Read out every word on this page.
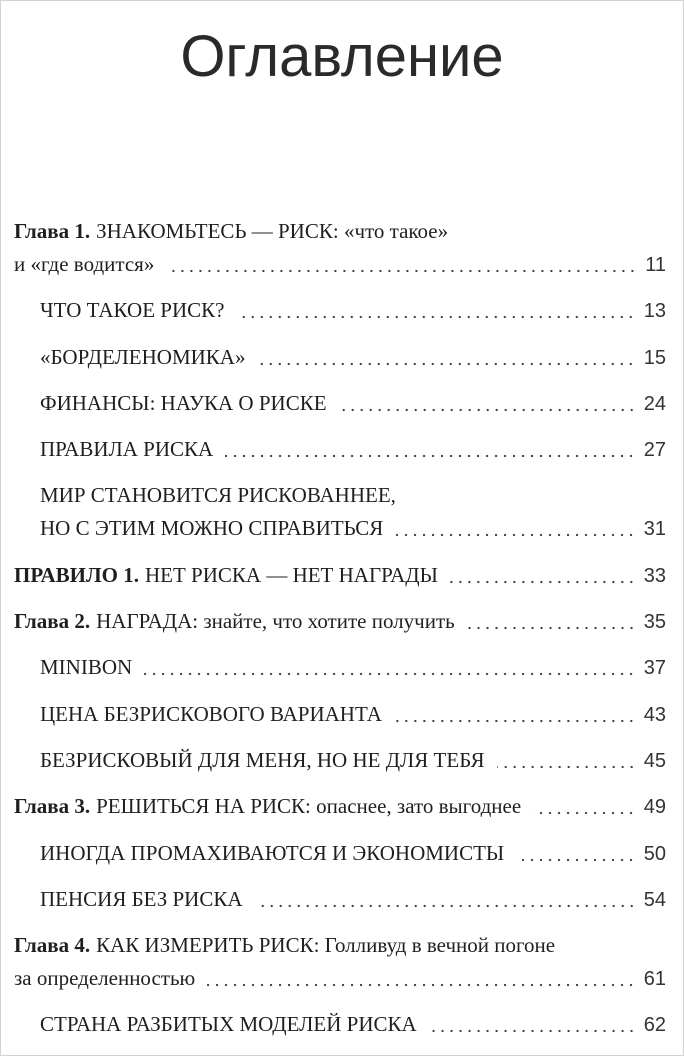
Оглавление
Глава 1. ЗНАКОМЬТЕСЬ — РИСК: «что такое»
и «где водится»	11
ЧТО ТАКОЕ РИСК?	13
«БОРДЕЛЕНОМИКА»	15
ФИНАНСЫ: НАУКА О РИСКЕ	24
ПРАВИЛА РИСКА	27
МИР СТАНОВИТСЯ РИСКОВАННЕЕ,
НО С ЭТИМ МОЖНО СПРАВИТЬСЯ	31
ПРАВИЛО 1. НЕТ РИСКА — НЕТ НАГРАДЫ	33
Глава 2. НАГРАДА: знайте, что хотите получить	35
MINIBON	37
ЦЕНА БЕЗРИСКОВОГО ВАРИАНТА	43
БЕЗРИСКОВЫЙ ДЛЯ МЕНЯ, НО НЕ ДЛЯ ТЕБЯ	45
Глава 3. РЕШИТЬСЯ НА РИСК: опаснее, зато выгоднее	49
ИНОГДА ПРОМАХИВАЮТСЯ И ЭКОНОМИСТЫ	50
ПЕНСИЯ БЕЗ РИСКА	54
Глава 4. КАК ИЗМЕРИТЬ РИСК: Голливуд в вечной погоне
за определенностью	61
СТРАНА РАЗБИТЫХ МОДЕЛЕЙ РИСКА	62
